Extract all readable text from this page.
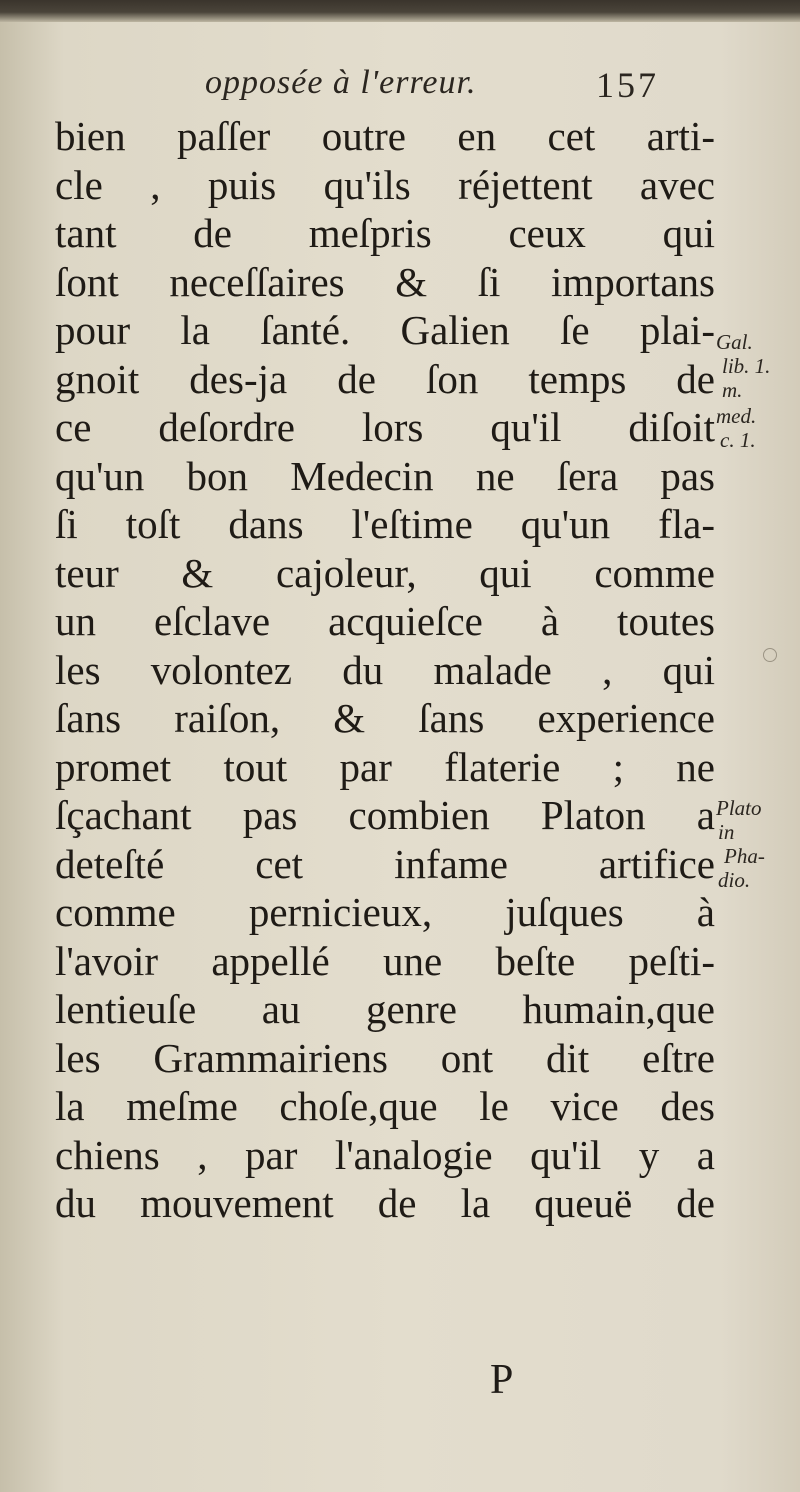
opposée à l'erreur.	157
bien paſſer outre en cet arti-
cle , puis qu'ils réjettent avec
tant de meſpris ceux qui
ſont neceſſaires & ſi importans
pour la ſanté. Galien ſe plai-
gnoit des-ja de ſon temps de
ce deſordre lors qu'il diſoit
qu'un bon Medecin ne ſera pas
ſi toſt dans l'eſtime qu'un fla-
teur & cajoleur, qui comme
un eſclave acquieſce à toutes
les volontez du malade , qui
ſans raiſon, & ſans experience
promet tout par flaterie ; ne
ſçachant pas combien Platon a
deteſté cet infame artifice
comme pernicieux, juſques à
l'avoir appellé une beſte peſti-
lentieuſe au genre humain,que
les Grammairiens ont dit eſtre
la meſme choſe,que le vice des
chiens , par l'analogie qu'il y a
du mouvement de la queuë de
Gal.
lib. 1.
m.
med.
c. 1.
Plato
in
Pha-
dio.
P
